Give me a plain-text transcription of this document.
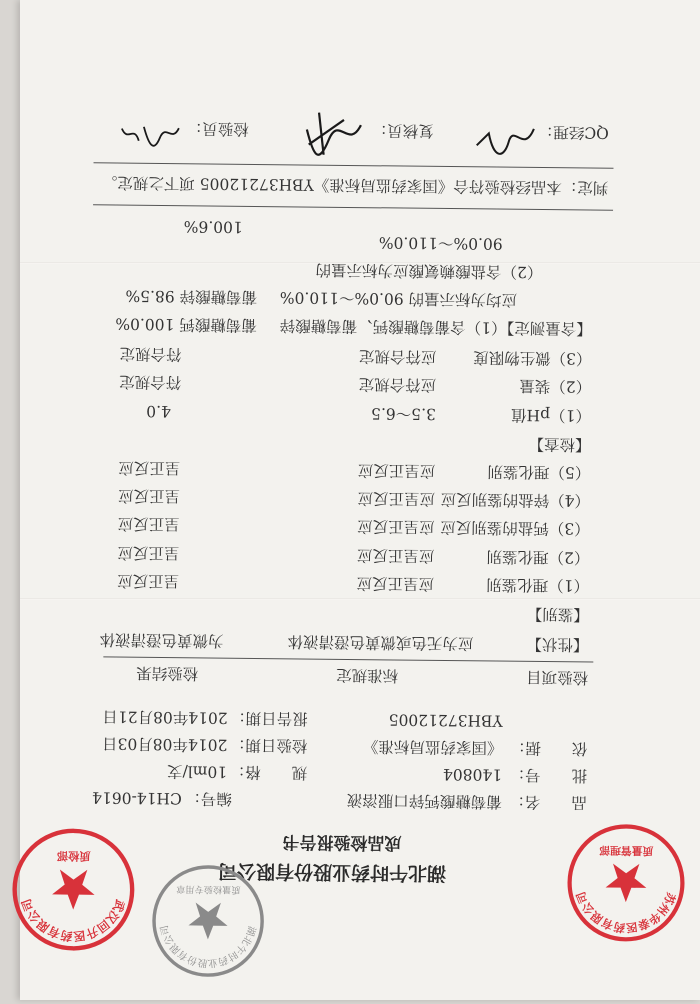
湖北午时药业股份有限公司
成品检验报告书
品　　名：
葡萄糖酸钙锌口服溶液
编号：
CH14-0614
批　　号：
140804
规　　格：
10ml/支
依　　据：
《国家药监局标准》
检验日期：
2014年08月03日
YBH37212005
报告日期：
2014年08月21日
检验项目
标准规定
检验结果
【性状】
应为无色或微黄色澄清液体
为微黄色澄清液体
【鉴别】
（1）理化鉴别
应呈正反应
呈正反应
（2）理化鉴别
应呈正反应
呈正反应
（3）钙盐的鉴别反应
应呈正反应
呈正反应
（4）锌盐的鉴别反应
应呈正反应
呈正反应
（5）理化鉴别
应呈正反应
呈正反应
【检查】
（1）pH值
3.5～6.5
4.0
（2）装量
应符合规定
符合规定
（3）微生物限度
应符合规定
符合规定
【含量测定】（1）含葡萄糖酸钙、葡萄糖酸锌
葡萄糖酸钙 100.0%
应均为标示量的 90.0%～110.0%
葡萄糖酸锌 98.5%
（2）含盐酸赖氨酸应为标示量的
90.0%～110.0%
100.6%
判定：本品经检验符合《国家药监局标准》YBH37212005 项下之规定。
QC经理：
复核员：
检验员：
武汉回升医药有限公司
质检部
湖北午时药业股份有限公司
质量检验专用章
苏州华泰医药有限公司
质量管理部
